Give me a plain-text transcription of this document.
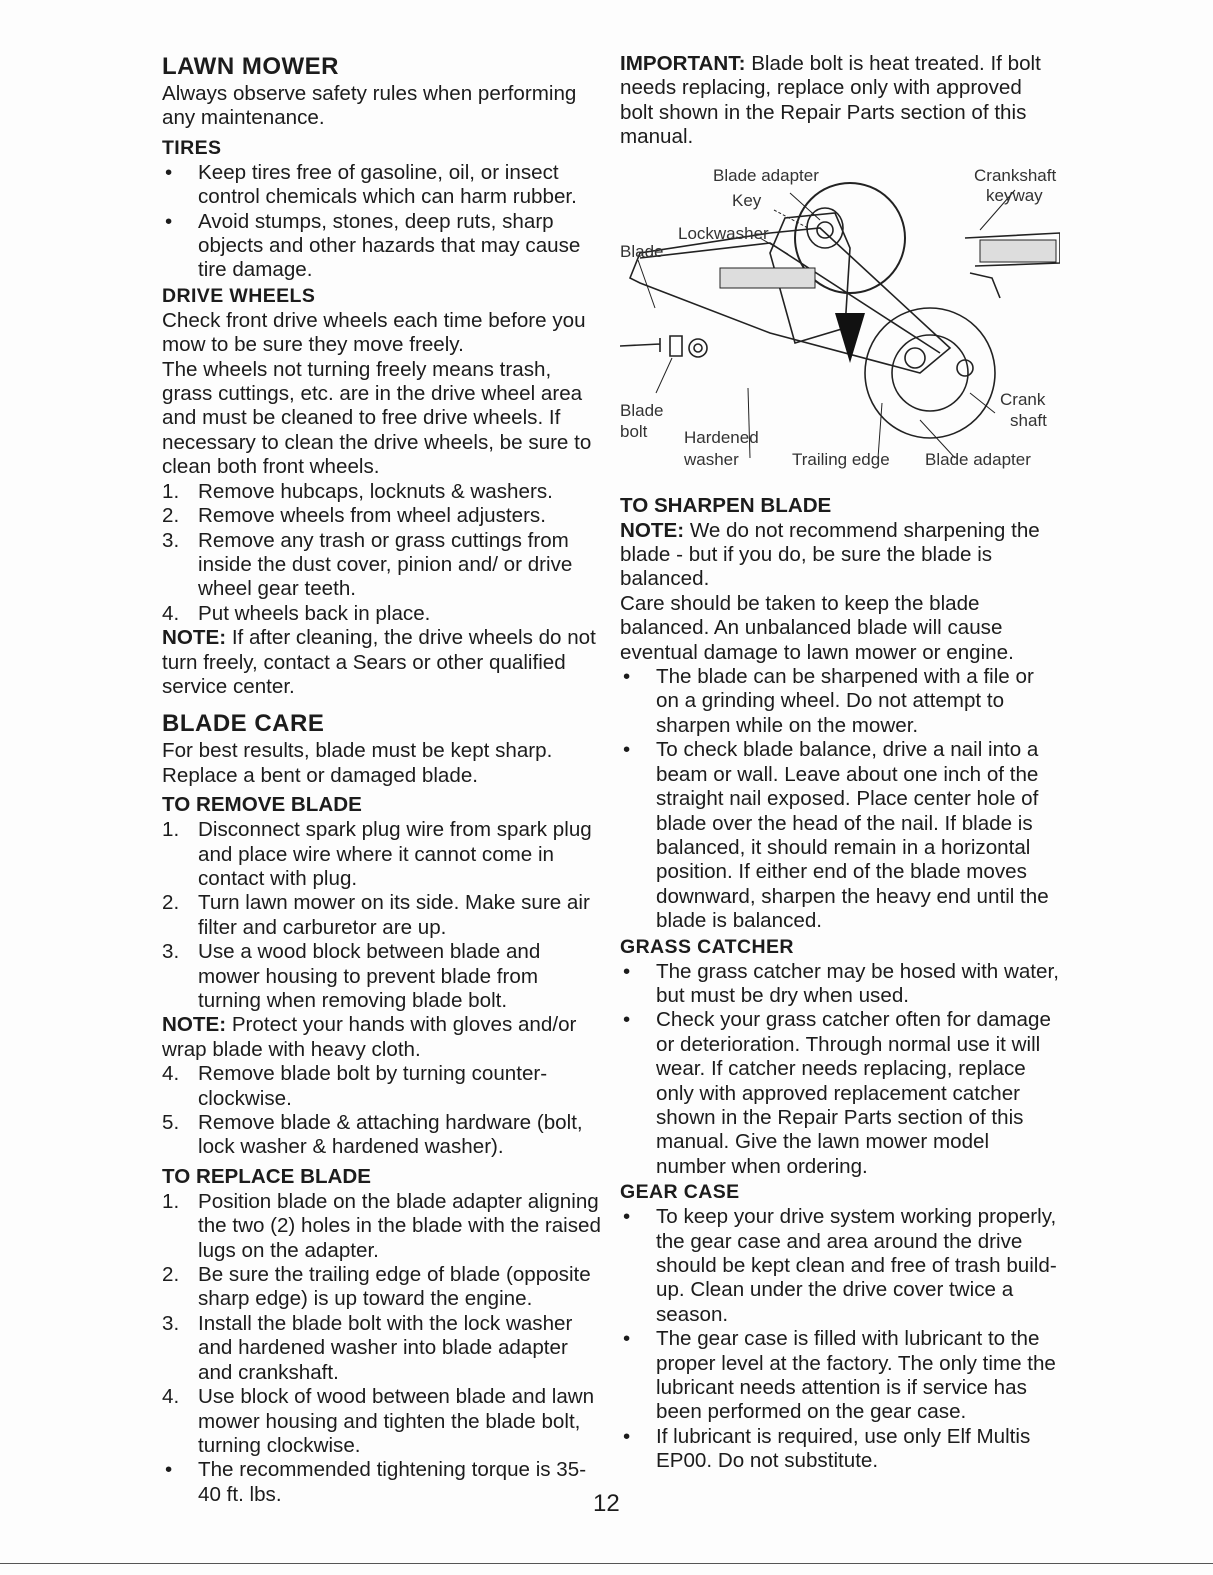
LAWN MOWER

Always observe safety rules when performing any maintenance.

TIRES
• Keep tires free of gasoline, oil, or insect control chemicals which can harm rubber.
• Avoid stumps, stones, deep ruts, sharp objects and other hazards that may cause tire damage.
DRIVE WHEELS

Check front drive wheels each time before you mow to be sure they move freely.

The wheels not turning freely means trash, grass cuttings, etc. are in the drive wheel area and must be cleaned to free drive wheels. If necessary to clean the drive wheels, be sure to clean both front wheels.

1. Remove hubcaps, locknuts & washers.
2. Remove wheels from wheel adjusters.
3. Remove any trash or grass cuttings from inside the dust cover, pinion and/ or drive wheel gear teeth.
4. Put wheels back in place.

NOTE: If after cleaning, the drive wheels do not turn freely, contact a Sears or other qualified service center.

BLADE CARE

For best results, blade must be kept sharp. Replace a bent or damaged blade.

TO REMOVE BLADE
1. Disconnect spark plug wire from spark plug and place wire where it cannot come in contact with plug.
2. Turn lawn mower on its side. Make sure air filter and carburetor are up.
3. Use a wood block between blade and mower housing to prevent blade from turning when removing blade bolt.

NOTE: Protect your hands with gloves and/or wrap blade with heavy cloth.

4. Remove blade bolt by turning counter-clockwise.
5. Remove blade & attaching hardware (bolt, lock washer & hardened washer).
TO REPLACE BLADE
1. Position blade on the blade adapter aligning the two (2) holes in the blade with the raised lugs on the adapter.
2. Be sure the trailing edge of blade (opposite sharp edge) is up toward the engine.
3. Install the blade bolt with the lock washer and hardened washer into blade adapter and crankshaft.
4. Use block of wood between blade and lawn mower housing and tighten the blade bolt, turning clockwise.
• The recommended tightening torque is 35-40 ft. lbs.

IMPORTANT: Blade bolt is heat treated. If bolt needs replacing, replace only with approved bolt shown in the Repair Parts section of this manual.

Blade adapter	Crankshaft
keyway
Key
Lockwasher
Blade
Crank
shaft
Blade
bolt Hardened
washer	Trailing edge Blade adapter
TO SHARPEN BLADE

NOTE: We do not recommend sharpening the blade - but if you do, be sure the blade is balanced.

Care should be taken to keep the blade balanced. An unbalanced blade will cause eventual damage to lawn mower or engine.

• The blade can be sharpened with a file or on a grinding wheel. Do not attempt to sharpen while on the mower.
• To check blade balance, drive a nail into a beam or wall. Leave about one inch of the straight nail exposed. Place center hole of blade over the head of the nail. If blade is balanced, it should remain in a horizontal position. If either end of the blade moves downward, sharpen the heavy end until the blade is balanced.
GRASS CATCHER
• The grass catcher may be hosed with water, but must be dry when used.
• Check your grass catcher often for damage or deterioration. Through normal use it will wear. If catcher needs replacing, replace only with approved replacement catcher shown in the Repair Parts section of this manual. Give the lawn mower model number when ordering.
GEAR CASE
• To keep your drive system working properly, the gear case and area around the drive should be kept clean and free of trash build-up. Clean under the drive cover twice a season.
• The gear case is filled with lubricant to the proper level at the factory. The only time the lubricant needs attention is if service has been performed on the gear case.
• If lubricant is required, use only Elf Multis EP00. Do not substitute.
12
